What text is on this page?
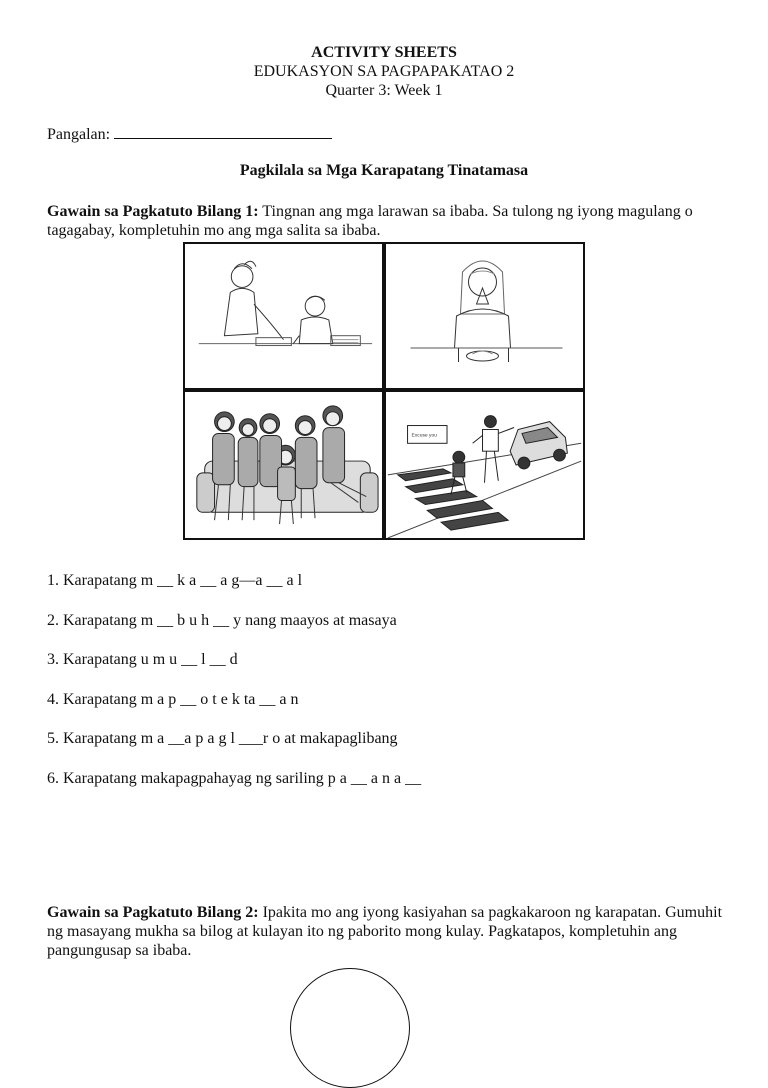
ACTIVITY SHEETS
EDUKASYON SA PAGPAPAKATAO 2
Quarter 3: Week 1
Pangalan:
Pagkilala sa Mga Karapatang Tinatamasa
Gawain sa Pagkatuto Bilang 1: Tingnan ang mga larawan sa ibaba. Sa tulong ng iyong magulang o tagagabay, kompletuhin mo ang mga salita sa ibaba.
Excuse you
1. Karapatang m __ k a __ a g—a __ a l
2. Karapatang m __ b u h __ y nang maayos at masaya
3. Karapatang u m u __ l __ d
4. Karapatang m a p __ o t e k ta __ a n
5. Karapatang m a __a p a g l ___r o at makapaglibang
6. Karapatang makapagpahayag ng sariling p a __ a n a __
Gawain sa Pagkatuto Bilang 2: Ipakita mo ang iyong kasiyahan sa pagkakaroon ng karapatan. Gumuhit ng masayang mukha sa bilog at kulayan ito ng paborito mong kulay. Pagkatapos, kompletuhin ang pangungusap sa ibaba.
